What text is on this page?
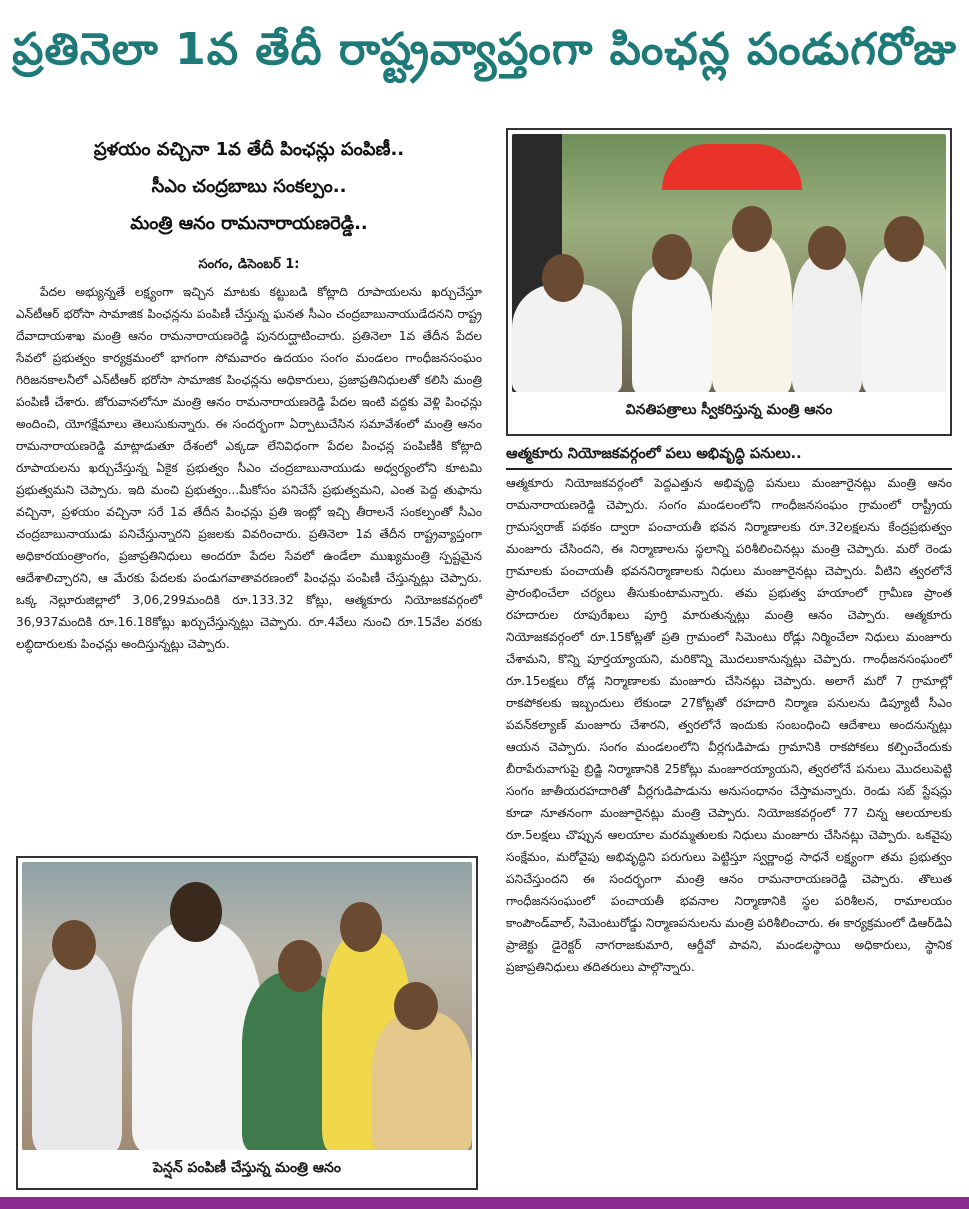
ప్రతినెలా 1వ తేదీ రాష్ట్రవ్యాప్తంగా పింఛన్ల పండుగరోజు
ప్రళయం వచ్చినా 1వ తేదీ పింఛన్లు పంపిణీ..
సీఎం చంద్రబాబు సంకల్పం..
మంత్రి ఆనం రామనారాయణరెడ్డి..
సంగం, డిసెంబర్ 1:

పేదల అభ్యున్నతే లక్ష్యంగా ఇచ్చిన మాటకు కట్టుబడి కోట్లాది రూపాయలను ఖర్చుచేస్తూ ఎన్‌టీఆర్ భరోసా సామాజిక పింఛన్లను పంపిణీ చేస్తున్న ఘనత సీఎం చంద్రబాబునాయుడేదనని రాష్ట్ర దేవాదాయశాఖ మంత్రి ఆనం రామనారాయణరెడ్డి పునరుద్ఘాటించారు. ప్రతినెలా 1వ తేదీన పేదల సేవలో ప్రభుత్వం కార్యక్రమంలో భాగంగా సోమవారం ఉదయం సంగం మండలం గాంధీజనసంఘం గిరిజనకాలనీలో ఎన్‌టీఆర్ భరోసా సామాజిక పింఛన్లను అధికారులు, ప్రజాప్రతినిధులతో కలిసి మంత్రి పంపిణీ చేశారు. జోరువానలోనూ మంత్రి ఆనం రామనారాయణరెడ్డి పేదల ఇంటి వద్దకు వెళ్లి పింఛన్లు అందించి, యోగక్షేమాలు తెలుసుకున్నారు. ఈ సందర్భంగా ఏర్పాటుచేసిన సమావేశంలో మంత్రి ఆనం రామనారాయణరెడ్డి మాట్లాడుతూ దేశంలో ఎక్కడా లేనివిధంగా పేదల పింఛన్ల పంపిణీకి కోట్లాది రూపాయలను ఖర్చుచేస్తున్న ఏకైక ప్రభుత్వం సీఎం చంద్రబాబునాయుడు అధ్వర్యంలోని కూటమి ప్రభుత్వమని చెప్పారు. ఇది మంచి ప్రభుత్వం...మీకోసం పనిచేసే ప్రభుత్వమని, ఎంత పెద్ద తుఫాను వచ్చినా, ప్రళయం వచ్చినా సరే 1వ తేదీన పింఛన్లు ప్రతి ఇంట్లో ఇచ్చి తీరాలనే సంకల్పంతో సీఎం చంద్రబాబునాయుడు పనిచేస్తున్నారని ప్రజలకు వివరించారు. ప్రతినెలా 1వ తేదీన రాష్ట్రవ్యాప్తంగా అధికారయంత్రాంగం, ప్రజాప్రతినిధులు అందరూ పేదల సేవలో ఉండేలా ముఖ్యమంత్రి స్పష్టమైన ఆదేశాలిచ్చారని, ఆ మేరకు పేదలకు పండుగవాతావరణంలో పింఛన్లు పంపిణీ చేస్తున్నట్లు చెప్పారు. ఒక్క నెల్లూరుజిల్లాలో 3,06,299మందికి రూ.133.32 కోట్లు, ఆత్మకూరు నియోజకవర్గంలో 36,937మందికి రూ.16.18కోట్లు ఖర్చుచేస్తున్నట్లు చెప్పారు. రూ.4వేలు నుంచి రూ.15వేల వరకు లబ్ధిదారులకు పింఛన్లు అందిస్తున్నట్లు చెప్పారు.

పెన్షన్ పంపిణీ చేస్తున్న మంత్రి ఆనం
వినతిపత్రాలు స్వీకరిస్తున్న మంత్రి ఆనం
ఆత్మకూరు నియోజకవర్గంలో పలు అభివృద్ధి పనులు..

ఆత్మకూరు నియోజకవర్గంలో పెద్దఎత్తున అభివృద్ధి పనులు మంజూరైనట్లు మంత్రి ఆనం రామనారాయణరెడ్డి చెప్పారు. సంగం మండలంలోని గాంధీజనసంఘం గ్రామంలో రాష్ట్రీయ గ్రామస్వరాజ్ పథకం ద్వారా పంచాయతీ భవన నిర్మాణాలకు రూ.32లక్షలను కేంద్రప్రభుత్వం మంజూరు చేసిందని, ఈ నిర్మాణాలను స్థలాన్ని పరిశీలించినట్లు మంత్రి చెప్పారు. మరో రెండు గ్రామాలకు పంచాయతీ భవననిర్మాణాలకు నిధులు మంజూరైనట్లు చెప్పారు. వీటిని త్వరలోనే ప్రారంభించేలా చర్యలు తీసుకుంటామన్నారు. తమ ప్రభుత్వ హయాంలో గ్రామీణ ప్రాంత రహదారుల రూపురేఖలు పూర్తి మారుతున్నట్లు మంత్రి ఆనం చెప్పారు. ఆత్మకూరు నియోజకవర్గంలో రూ.15కోట్లతో ప్రతి గ్రామంలో సిమెంటు రోడ్లు నిర్మించేలా నిధులు మంజూరు చేశామని, కొన్ని పూర్తయ్యాయని, మరికొన్ని మొదలుకానున్నట్లు చెప్పారు. గాంధీజనసంఘంలో రూ.15లక్షలు రోడ్ల నిర్మాణాలకు మంజూరు చేసినట్లు చెప్పారు. అలాగే మరో 7 గ్రామాల్లో రాకపోకలకు ఇబ్బందులు లేకుండా 27కోట్లతో రహదారి నిర్మాణ పనులను డిప్యూటీ సీఎం పవన్‌కల్యాణ్ మంజూరు చేశారని, త్వరలోనే ఇందుకు సంబంధించి ఆదేశాలు అందనున్నట్లు ఆయన చెప్పారు. సంగం మండలంలోని వీర్లగుడిపాడు గ్రామానికి రాకపోకలు కల్పించేందుకు బీరాపేరువాగుపై బ్రిడ్జి నిర్మాణానికి 25కోట్లు మంజూరయ్యాయని, త్వరలోనే పనులు మొదలుపెట్టి సంగం జాతీయరహదారితో వీర్లగుడిపాడును అనుసంధానం చేస్తామన్నారు. రెండు సబ్ స్టేషన్లు కూడా నూతనంగా మంజూరైనట్లు మంత్రి చెప్పారు. నియోజకవర్గంలో 77 చిన్న ఆలయాలకు రూ.5లక్షలు చొప్పున ఆలయాల మరమ్మతులకు నిధులు మంజూరు చేసినట్లు చెప్పారు. ఒకవైపు సంక్షేమం, మరోవైపు అభివృద్ధిని పరుగులు పెట్టిస్తూ స్వర్ణాంధ్ర సాధనే లక్ష్యంగా తమ ప్రభుత్వం పనిచేస్తుందని ఈ సందర్భంగా మంత్రి ఆనం రామనారాయణరెడ్డి చెప్పారు. తొలుత గాంధీజనసంఘంలో పంచాయతీ భవనాల నిర్మాణానికి స్థల పరిశీలన, రామాలయం కాంపౌండ్‌వాల్, సిమెంటురోడ్డు నిర్మాణపనులను మంత్రి పరిశీలించారు. ఈ కార్యక్రమంలో డిఆర్‌డిఏ ప్రాజెక్టు డైరెక్టర్ నాగరాజకుమారి, ఆర్డీవో పావని, మండలస్థాయి అధికారులు, స్థానిక ప్రజాప్రతినిధులు తదితరులు పాల్గొన్నారు.
